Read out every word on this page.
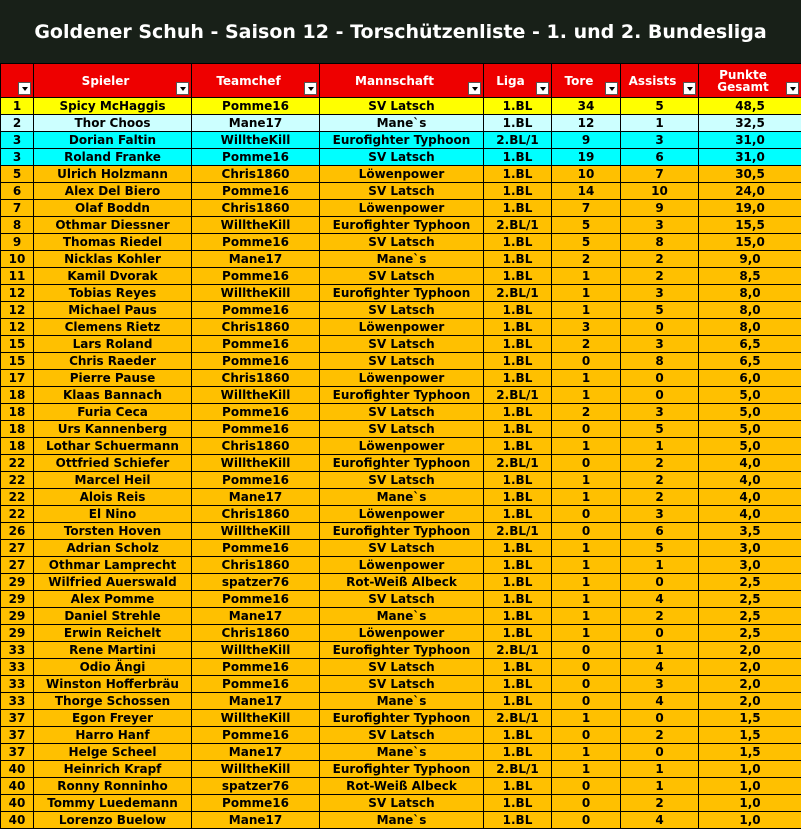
Goldener Schuh - Saison 12 - Torschützenliste - 1. und 2. Bundesliga

	Spieler	Teamchef	Mannschaft	Liga	Tore	Assists	Punkte Gesamt

1	Spicy McHaggis	Pomme16	SV Latsch	1.BL	34	5	48,5
2	Thor Choos	Mane17	Mane`s	1.BL	12	1	32,5
3	Dorian Faltin	WilltheKill	Eurofighter Typhoon	2.BL/1	9	3	31,0
3	Roland Franke	Pomme16	SV Latsch	1.BL	19	6	31,0
5	Ulrich Holzmann	Chris1860	Löwenpower	1.BL	10	7	30,5
6	Alex Del Biero	Pomme16	SV Latsch	1.BL	14	10	24,0
7	Olaf Boddn	Chris1860	Löwenpower	1.BL	7	9	19,0
8	Othmar Diessner	WilltheKill	Eurofighter Typhoon	2.BL/1	5	3	15,5
9	Thomas Riedel	Pomme16	SV Latsch	1.BL	5	8	15,0
10	Nicklas Kohler	Mane17	Mane`s	1.BL	2	2	9,0
11	Kamil Dvorak	Pomme16	SV Latsch	1.BL	1	2	8,5
12	Tobias Reyes	WilltheKill	Eurofighter Typhoon	2.BL/1	1	3	8,0
12	Michael Paus	Pomme16	SV Latsch	1.BL	1	5	8,0
12	Clemens Rietz	Chris1860	Löwenpower	1.BL	3	0	8,0
15	Lars Roland	Pomme16	SV Latsch	1.BL	2	3	6,5
15	Chris Raeder	Pomme16	SV Latsch	1.BL	0	8	6,5
17	Pierre Pause	Chris1860	Löwenpower	1.BL	1	0	6,0
18	Klaas Bannach	WilltheKill	Eurofighter Typhoon	2.BL/1	1	0	5,0
18	Furia Ceca	Pomme16	SV Latsch	1.BL	2	3	5,0
18	Urs Kannenberg	Pomme16	SV Latsch	1.BL	0	5	5,0
18	Lothar Schuermann	Chris1860	Löwenpower	1.BL	1	1	5,0
22	Ottfried Schiefer	WilltheKill	Eurofighter Typhoon	2.BL/1	0	2	4,0
22	Marcel Heil	Pomme16	SV Latsch	1.BL	1	2	4,0
22	Alois Reis	Mane17	Mane`s	1.BL	1	2	4,0
22	El Nino	Chris1860	Löwenpower	1.BL	0	3	4,0
26	Torsten Hoven	WilltheKill	Eurofighter Typhoon	2.BL/1	0	6	3,5
27	Adrian Scholz	Pomme16	SV Latsch	1.BL	1	5	3,0
27	Othmar Lamprecht	Chris1860	Löwenpower	1.BL	1	1	3,0
29	Wilfried Auerswald	spatzer76	Rot-Weiß Albeck	1.BL	1	0	2,5
29	Alex Pomme	Pomme16	SV Latsch	1.BL	1	4	2,5
29	Daniel Strehle	Mane17	Mane`s	1.BL	1	2	2,5
29	Erwin Reichelt	Chris1860	Löwenpower	1.BL	1	0	2,5
33	Rene Martini	WilltheKill	Eurofighter Typhoon	2.BL/1	0	1	2,0
33	Odio Ängi	Pomme16	SV Latsch	1.BL	0	4	2,0
33	Winston Hofferbräu	Pomme16	SV Latsch	1.BL	0	3	2,0
33	Thorge Schossen	Mane17	Mane`s	1.BL	0	4	2,0
37	Egon Freyer	WilltheKill	Eurofighter Typhoon	2.BL/1	1	0	1,5
37	Harro Hanf	Pomme16	SV Latsch	1.BL	0	2	1,5
37	Helge Scheel	Mane17	Mane`s	1.BL	1	0	1,5
40	Heinrich Krapf	WilltheKill	Eurofighter Typhoon	2.BL/1	1	1	1,0
40	Ronny Ronninho	spatzer76	Rot-Weiß Albeck	1.BL	0	1	1,0
40	Tommy Luedemann	Pomme16	SV Latsch	1.BL	0	2	1,0
40	Lorenzo Buelow	Mane17	Mane`s	1.BL	0	4	1,0
